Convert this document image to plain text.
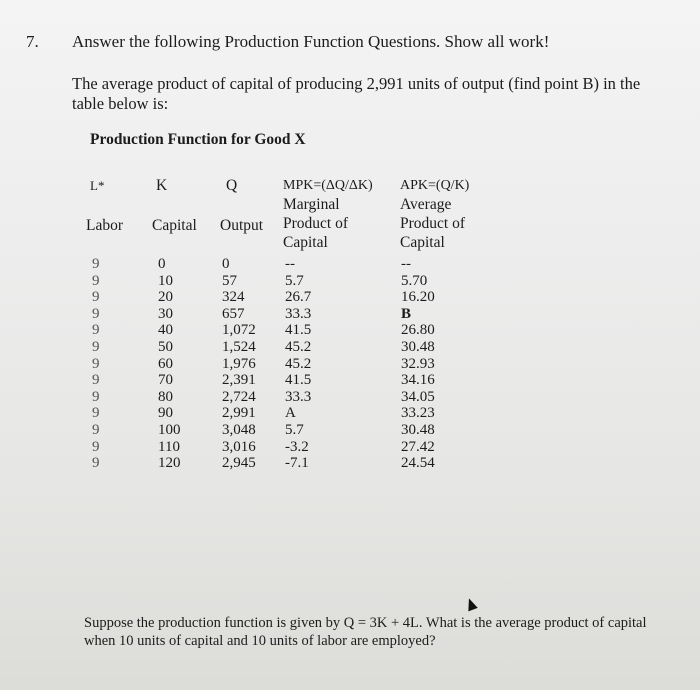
7. Answer the following Production Function Questions. Show all work!
The average product of capital of producing 2,991 units of output (find point B) in the table below is:
Production Function for Good X
L*
Labor
K
Capital
Q
Output
MPK=(ΔQ/ΔK)
Marginal
Product of
Capital
APK=(Q/K)
Average
Product of
Capital
9
9
9
9
9
9
9
9
9
9
9
9
9
0
10
20
30
40
50
60
70
80
90
100
110
120
0
57
324
657
1,072
1,524
1,976
2,391
2,724
2,991
3,048
3,016
2,945
--
5.7
26.7
33.3
41.5
45.2
45.2
41.5
33.3
A
5.7
-3.2
-7.1
--
5.70
16.20
B
26.80
30.48
32.93
34.16
34.05
33.23
30.48
27.42
24.54
Suppose the production function is given by Q = 3K + 4L. What is the average product of capital when 10 units of capital and 10 units of labor are employed?
